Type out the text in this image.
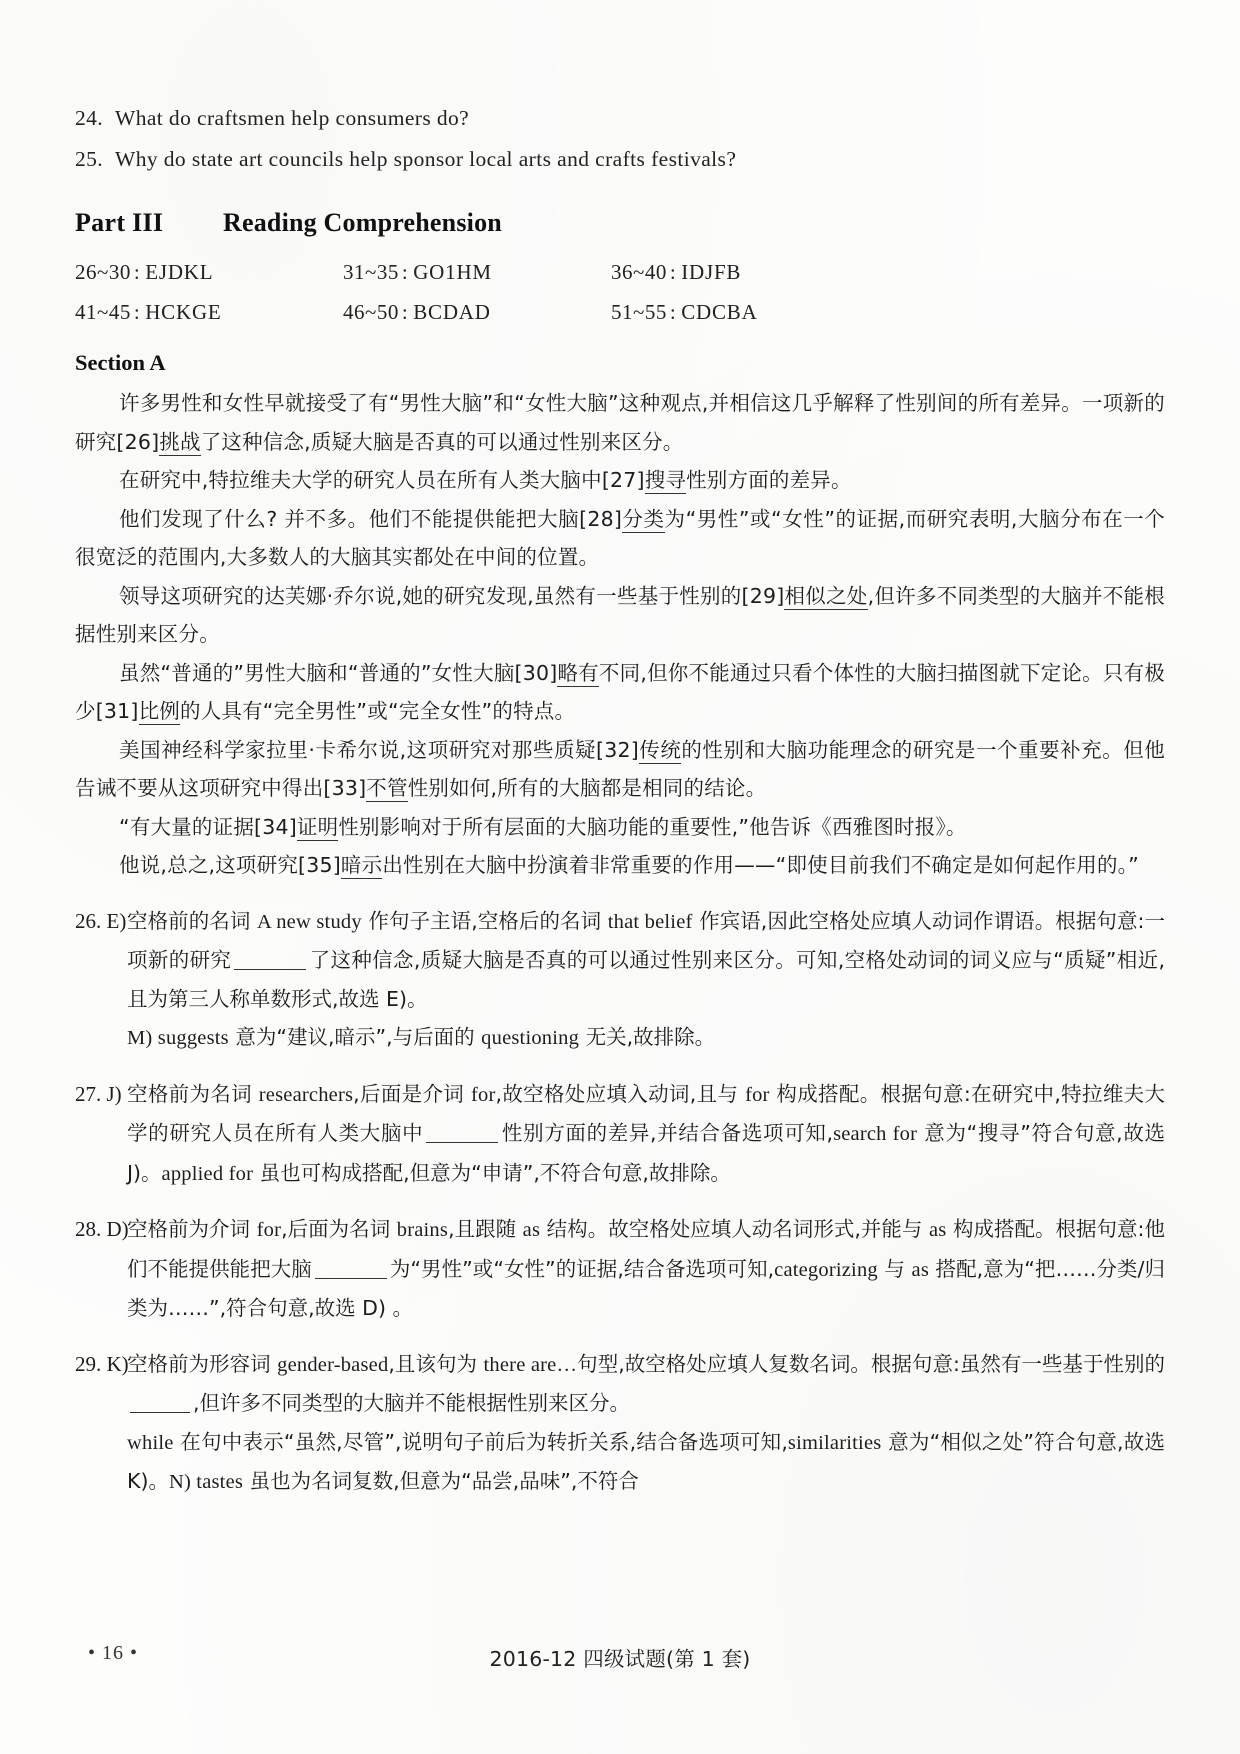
24. What do craftsmen help consumers do?
25. Why do state art councils help sponsor local arts and crafts festivals?
Part III	Reading Comprehension
26~30 : EJDKL	31~35 : GO1HM	36~40 : IDJFB
41~45 : HCKGE	46~50 : BCDAD	51~55 : CDCBA
Section A

许多男性和女性早就接受了有“男性大脑”和“女性大脑”这种观点,并相信这几乎解释了性别间的所有差异。一项新的研究[26]挑战了这种信念,质疑大脑是否真的可以通过性别来区分。

在研究中,特拉维夫大学的研究人员在所有人类大脑中[27]搜寻性别方面的差异。

他们发现了什么? 并不多。他们不能提供能把大脑[28]分类为“男性”或“女性”的证据,而研究表明,大脑分布在一个很宽泛的范围内,大多数人的大脑其实都处在中间的位置。

领导这项研究的达芙娜·乔尔说,她的研究发现,虽然有一些基于性别的[29]相似之处,但许多不同类型的大脑并不能根据性别来区分。

虽然“普通的”男性大脑和“普通的”女性大脑[30]略有不同,但你不能通过只看个体性的大脑扫描图就下定论。只有极少[31]比例的人具有“完全男性”或“完全女性”的特点。

美国神经科学家拉里·卡希尔说,这项研究对那些质疑[32]传统的性别和大脑功能理念的研究是一个重要补充。但他告诫不要从这项研究中得出[33]不管性别如何,所有的大脑都是相同的结论。

“有大量的证据[34]证明性别影响对于所有层面的大脑功能的重要性,”他告诉《西雅图时报》。

他说,总之,这项研究[35]暗示出性别在大脑中扮演着非常重要的作用——“即使目前我们不确定是如何起作用的。”

26. E) 空格前的名词 A new study 作句子主语,空格后的名词 that belief 作宾语,因此空格处应填人动词作谓语。根据句意:一项新的研究	了这种信念,质疑大脑是否真的可以通过性别来区分。可知,空格处动词的词义应与“质疑”相近,且为第三人称单数形式,故选 E)。
M) suggests 意为“建议,暗示”,与后面的 questioning 无关,故排除。
27. J) 空格前为名词 researchers,后面是介词 for,故空格处应填入动词,且与 for 构成搭配。根据句意:在研究中,特拉维夫大学的研究人员在所有人类大脑中	性别方面的差异,并结合备选项可知,search for 意为“搜寻”符合句意,故选 J)。applied for 虽也可构成搭配,但意为“申请”,不符合句意,故排除。
28. D)
空格前为介词 for,后面为名词 brains,且跟随 as 结构。故空格处应填人动名词形式,并能与 as 构成搭配。根据句意:他们不能提供能把大脑	为“男性”或“女性”的证据,结合备选项可知,categorizing 与 as 搭配,意为“把……分类/归类为……”,符合句意,故选 D) 。
29. K)
空格前为形容词 gender-based,且该句为 there are…句型,故空格处应填人复数名词。根据句意:虽然有一些基于性别的,但许多不同类型的大脑并不能根据性别来区分。
while 在句中表示“虽然,尽管”,说明句子前后为转折关系,结合备选项可知,similarities 意为“相似之处”符合句意,故选 K)。N) tastes 虽也为名词复数,但意为“品尝,品味”,不符合
• 16 •	2016-12 四级试题(第 1 套)
